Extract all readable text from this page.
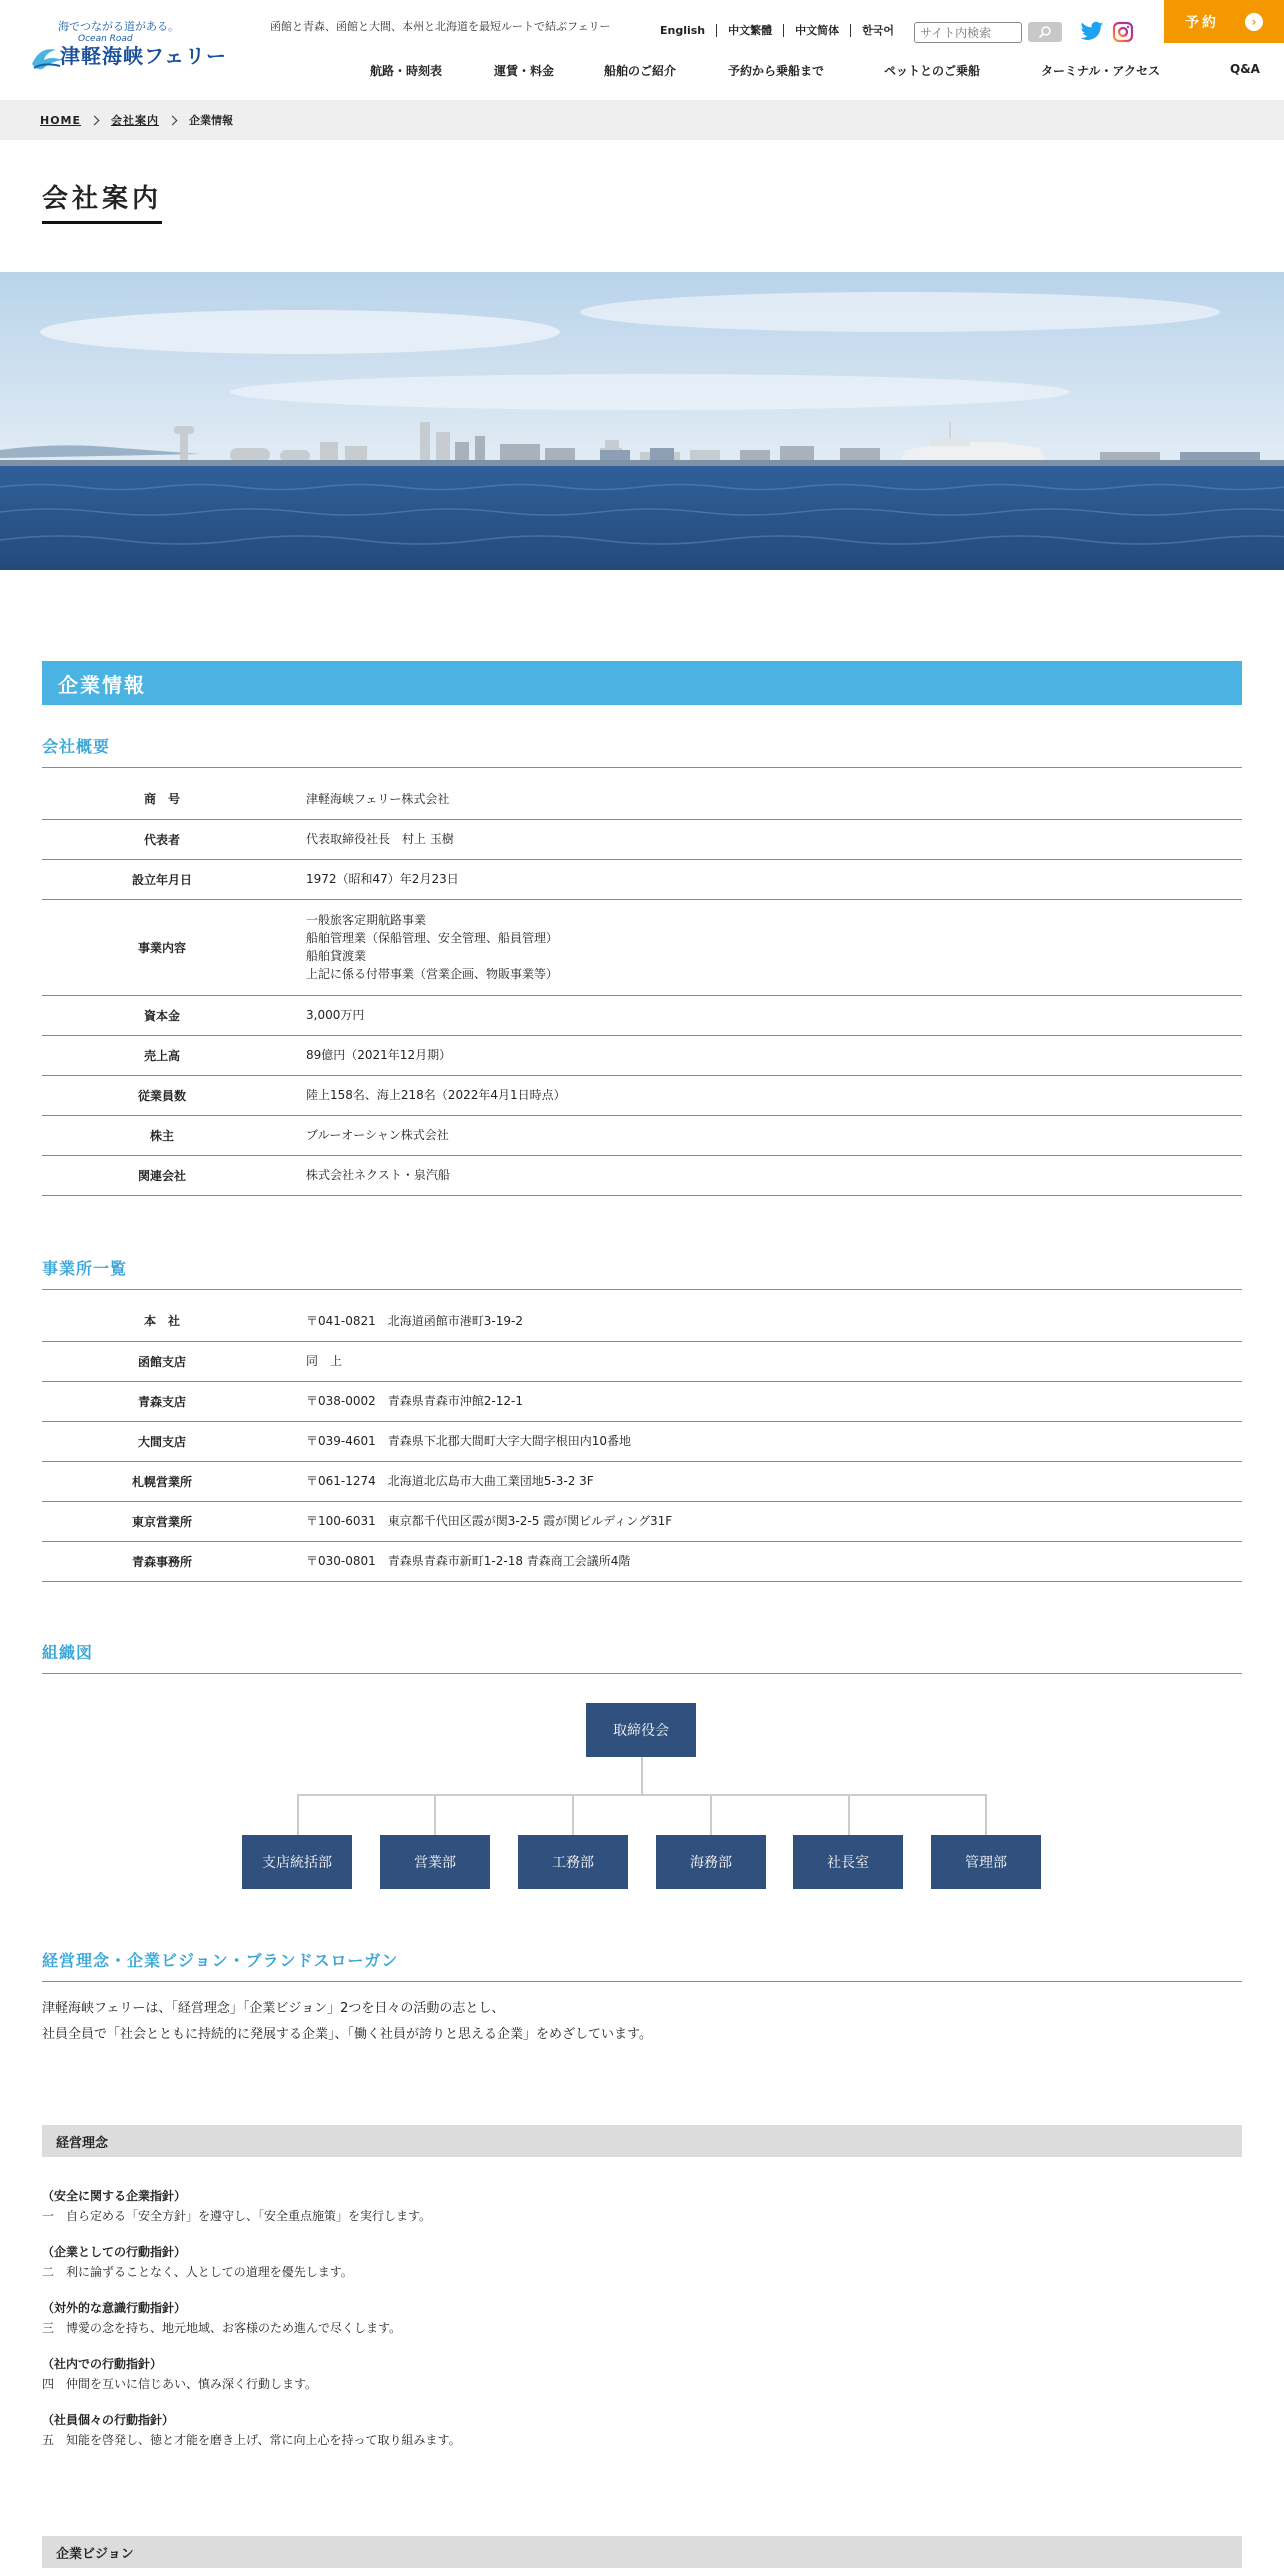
海でつながる道がある。
Ocean Road
津軽海峡フェリー
函館と青森、函館と大間、本州と北海道を最短ルートで結ぶフェリー	English	中文繁體	中文简体	한국어
サイト内検索	予約	›
航路・時刻表	運賃・料金	船舶のご紹介	予約から乗船まで	ペットとのご乗船	ターミナル・アクセス	Q&A
HOME	会社案内	企業情報
会社案内
企業情報
会社概要
商　号	津軽海峡フェリー株式会社

代表者	代表取締役社長　村上 玉樹

設立年月日	1972（昭和47）年2月23日

事業内容	一般旅客定期航路事業
船舶管理業（保船管理、安全管理、船員管理）
船舶貸渡業
上記に係る付帯事業（営業企画、物販事業等）

資本金	3,000万円

売上高	89億円（2021年12月期）

従業員数	陸上158名、海上218名（2022年4月1日時点）

株主	ブルーオーシャン株式会社

関連会社	株式会社ネクスト・泉汽船
事業所一覧
本　社	〒041-0821　北海道函館市港町3-19-2
函館支店	同　上
青森支店	〒038-0002　青森県青森市沖館2-12-1
大間支店	〒039-4601　青森県下北郡大間町大字大間字根田内10番地
札幌営業所	〒061-1274　北海道北広島市大曲工業団地5-3-2 3F
東京営業所	〒100-6031　東京都千代田区霞が関3-2-5 霞が関ビルディング31F
青森事務所	〒030-0801　青森県青森市新町1-2-18 青森商工会議所4階
組織図
取締役会
支店統括部	営業部	工務部	海務部	社長室	管理部
経営理念・企業ビジョン・ブランドスローガン
津軽海峡フェリーは、「経営理念」「企業ビジョン」2つを日々の活動の志とし、
社員全員で「社会とともに持続的に発展する企業」、「働く社員が誇りと思える企業」をめざしています。
経営理念
（安全に関する企業指針）
一　自ら定める「安全方針」を遵守し、「安全重点施策」を実行します。
（企業としての行動指針）
二　利に論ずることなく、人としての道理を優先します。
（対外的な意識行動指針）
三　博愛の念を持ち、地元地域、お客様のため進んで尽くします。
（社内での行動指針）
四　仲間を互いに信じあい、慎み深く行動します。
（社員個々の行動指針）
五　知能を啓発し、徳と才能を磨き上げ、常に向上心を持って取り組みます。
企業ビジョン
